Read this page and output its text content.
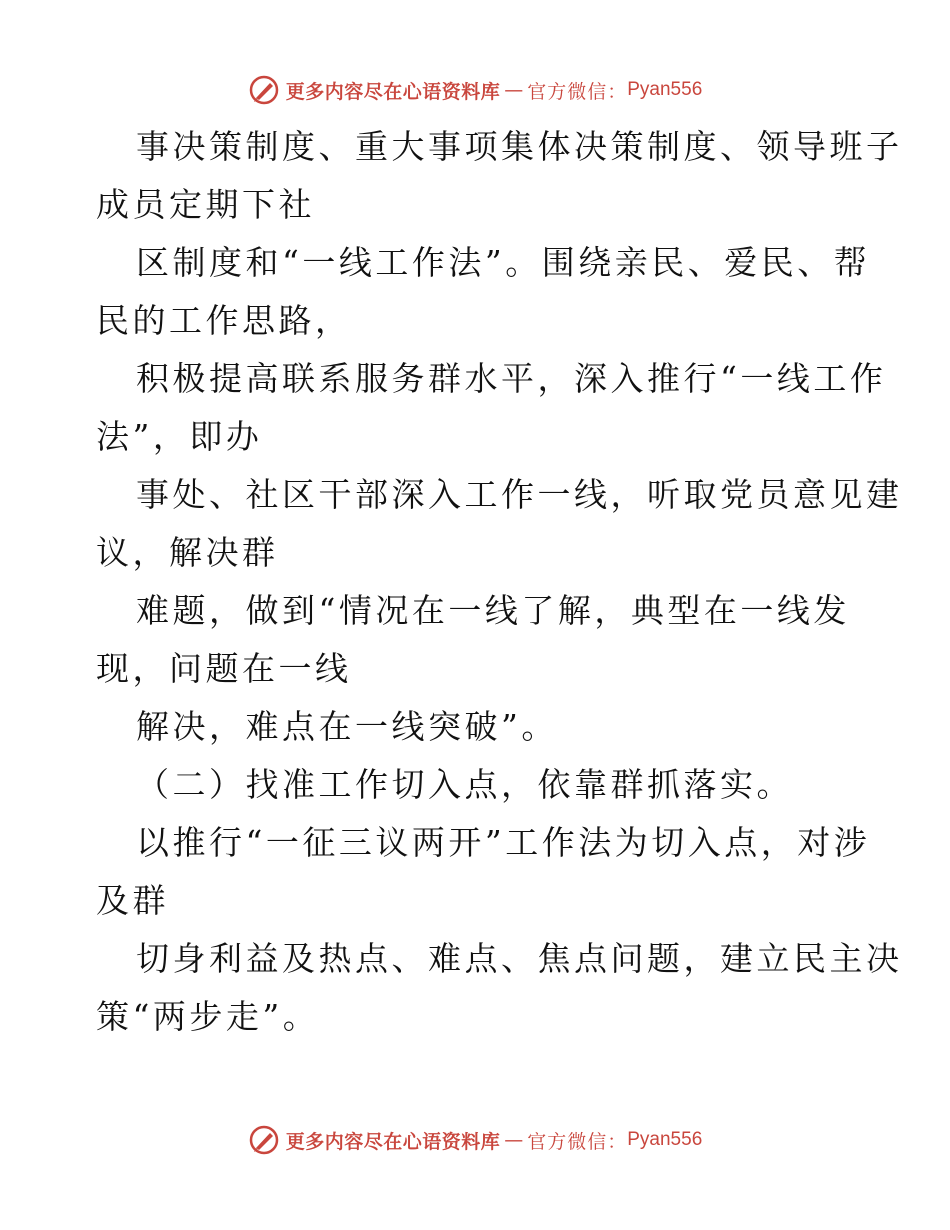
更多内容尽在心语资料库 — 官方微信： Pyan556

事决策制度、重大事项集体决策制度、领导班子

成员定期下社

区制度和“一线工作法”。围绕亲民、爱民、帮

民的工作思路，

积极提高联系服务群水平，深入推行“一线工作

法”，即办

事处、社区干部深入工作一线，听取党员意见建

议，解决群

难题，做到“情况在一线了解，典型在一线发

现，问题在一线

解决，难点在一线突破”。

（二）找准工作切入点，依靠群抓落实。

以推行“一征三议两开”工作法为切入点，对涉

及群

切身利益及热点、难点、焦点问题，建立民主决

策“两步走”。

更多内容尽在心语资料库 — 官方微信： Pyan556
